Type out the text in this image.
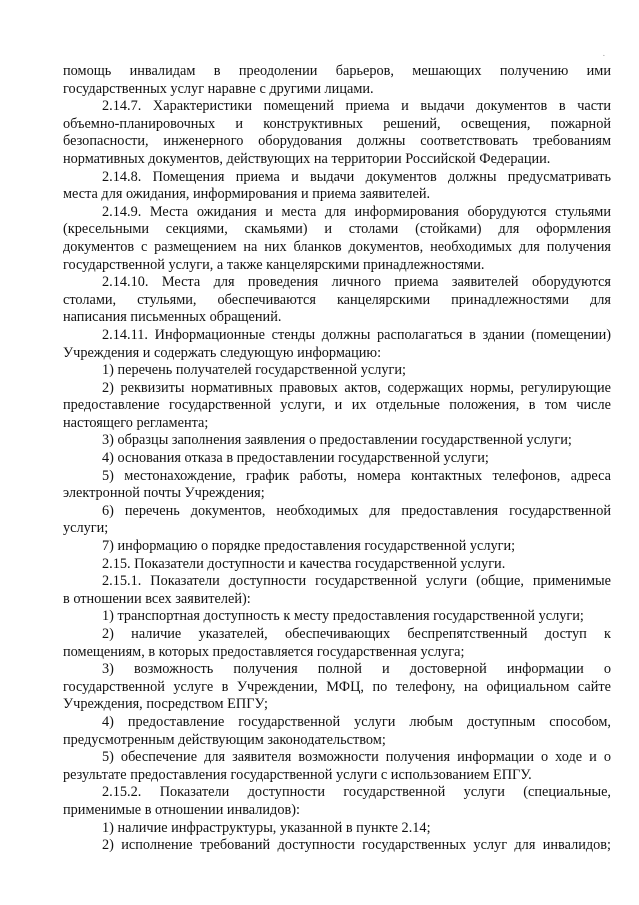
.
помощь инвалидам в преодолении барьеров, мешающих получению ими
государственных услуг наравне с другими лицами.
2.14.7. Характеристики помещений приема и выдачи документов в части
объемно-планировочных и конструктивных решений, освещения, пожарной
безопасности, инженерного оборудования должны соответствовать требованиям
нормативных документов, действующих на территории Российской Федерации.
2.14.8. Помещения приема и выдачи документов должны предусматривать
места для ожидания, информирования и приема заявителей.
2.14.9. Места ожидания и места для информирования оборудуются стульями
(кресельными секциями, скамьями) и столами (стойками) для оформления
документов с размещением на них бланков документов, необходимых для получения
государственной услуги, а также канцелярскими принадлежностями.
2.14.10. Места для проведения личного приема заявителей оборудуются
столами, стульями, обеспечиваются канцелярскими принадлежностями для
написания письменных обращений.
2.14.11. Информационные стенды должны располагаться в здании (помещении)
Учреждения и содержать следующую информацию:
1) перечень получателей государственной услуги;
2) реквизиты нормативных правовых актов, содержащих нормы, регулирующие
предоставление государственной услуги, и их отдельные положения, в том числе
настоящего регламента;
3) образцы заполнения заявления о предоставлении государственной услуги;
4) основания отказа в предоставлении государственной услуги;
5) местонахождение, график работы, номера контактных телефонов, адреса
электронной почты Учреждения;
6) перечень документов, необходимых для предоставления государственной
услуги;
7) информацию о порядке предоставления государственной услуги;
2.15. Показатели доступности и качества государственной услуги.
2.15.1. Показатели доступности государственной услуги (общие, применимые
в отношении всех заявителей):
1) транспортная доступность к месту предоставления государственной услуги;
2) наличие указателей, обеспечивающих беспрепятственный доступ к
помещениям, в которых предоставляется государственная услуга;
3) возможность получения полной и достоверной информации о
государственной услуге в Учреждении, МФЦ, по телефону, на официальном сайте
Учреждения, посредством ЕПГУ;
4) предоставление государственной услуги любым доступным способом,
предусмотренным действующим законодательством;
5) обеспечение для заявителя возможности получения информации о ходе и о
результате предоставления государственной услуги с использованием ЕПГУ.
2.15.2. Показатели доступности государственной услуги (специальные,
применимые в отношении инвалидов):
1) наличие инфраструктуры, указанной в пункте 2.14;
2) исполнение требований доступности государственных услуг для инвалидов;
